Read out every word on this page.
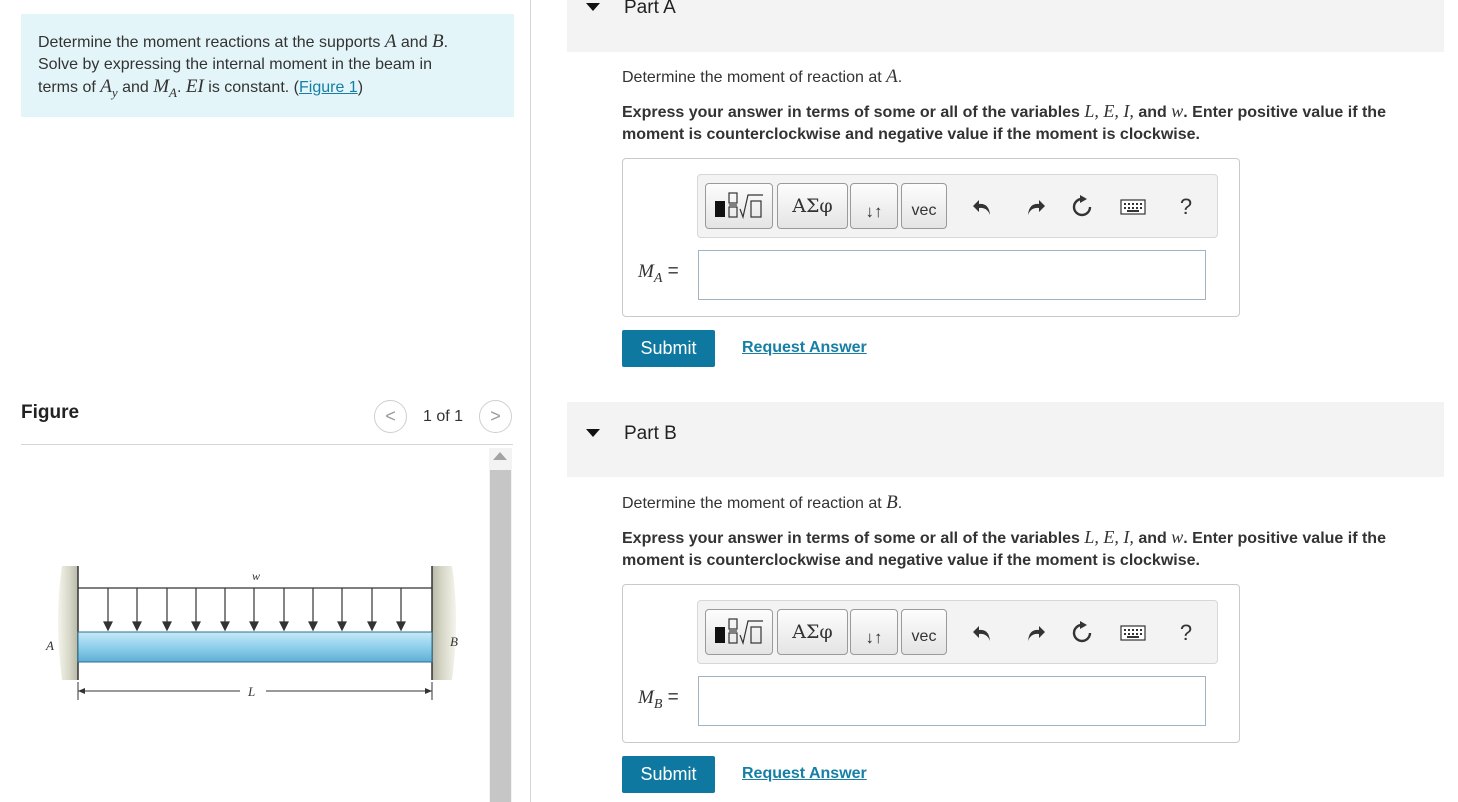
Determine the moment reactions at the supports A and B.
Solve by expressing the internal moment in the beam in
terms of $A_y$ and $M_A$. EI is constant. (Figure 1)
Figure	<	1 of 1	>
w
A	B
L
Part A
Determine the moment of reaction at A.
Express your answer in terms of some or all of the variables L, E, I, and w. Enter positive value if the moment is counterclockwise and negative value if the moment is clockwise.
ΑΣφ ↓↑ vec	?
$M_A$ =
Submit	Request Answer
Part B
Determine the moment of reaction at B.
Express your answer in terms of some or all of the variables L, E, I, and w. Enter positive value if the moment is counterclockwise and negative value if the moment is clockwise.
ΑΣφ ↓↑ vec	?
$M_B$ =
Submit	Request Answer
